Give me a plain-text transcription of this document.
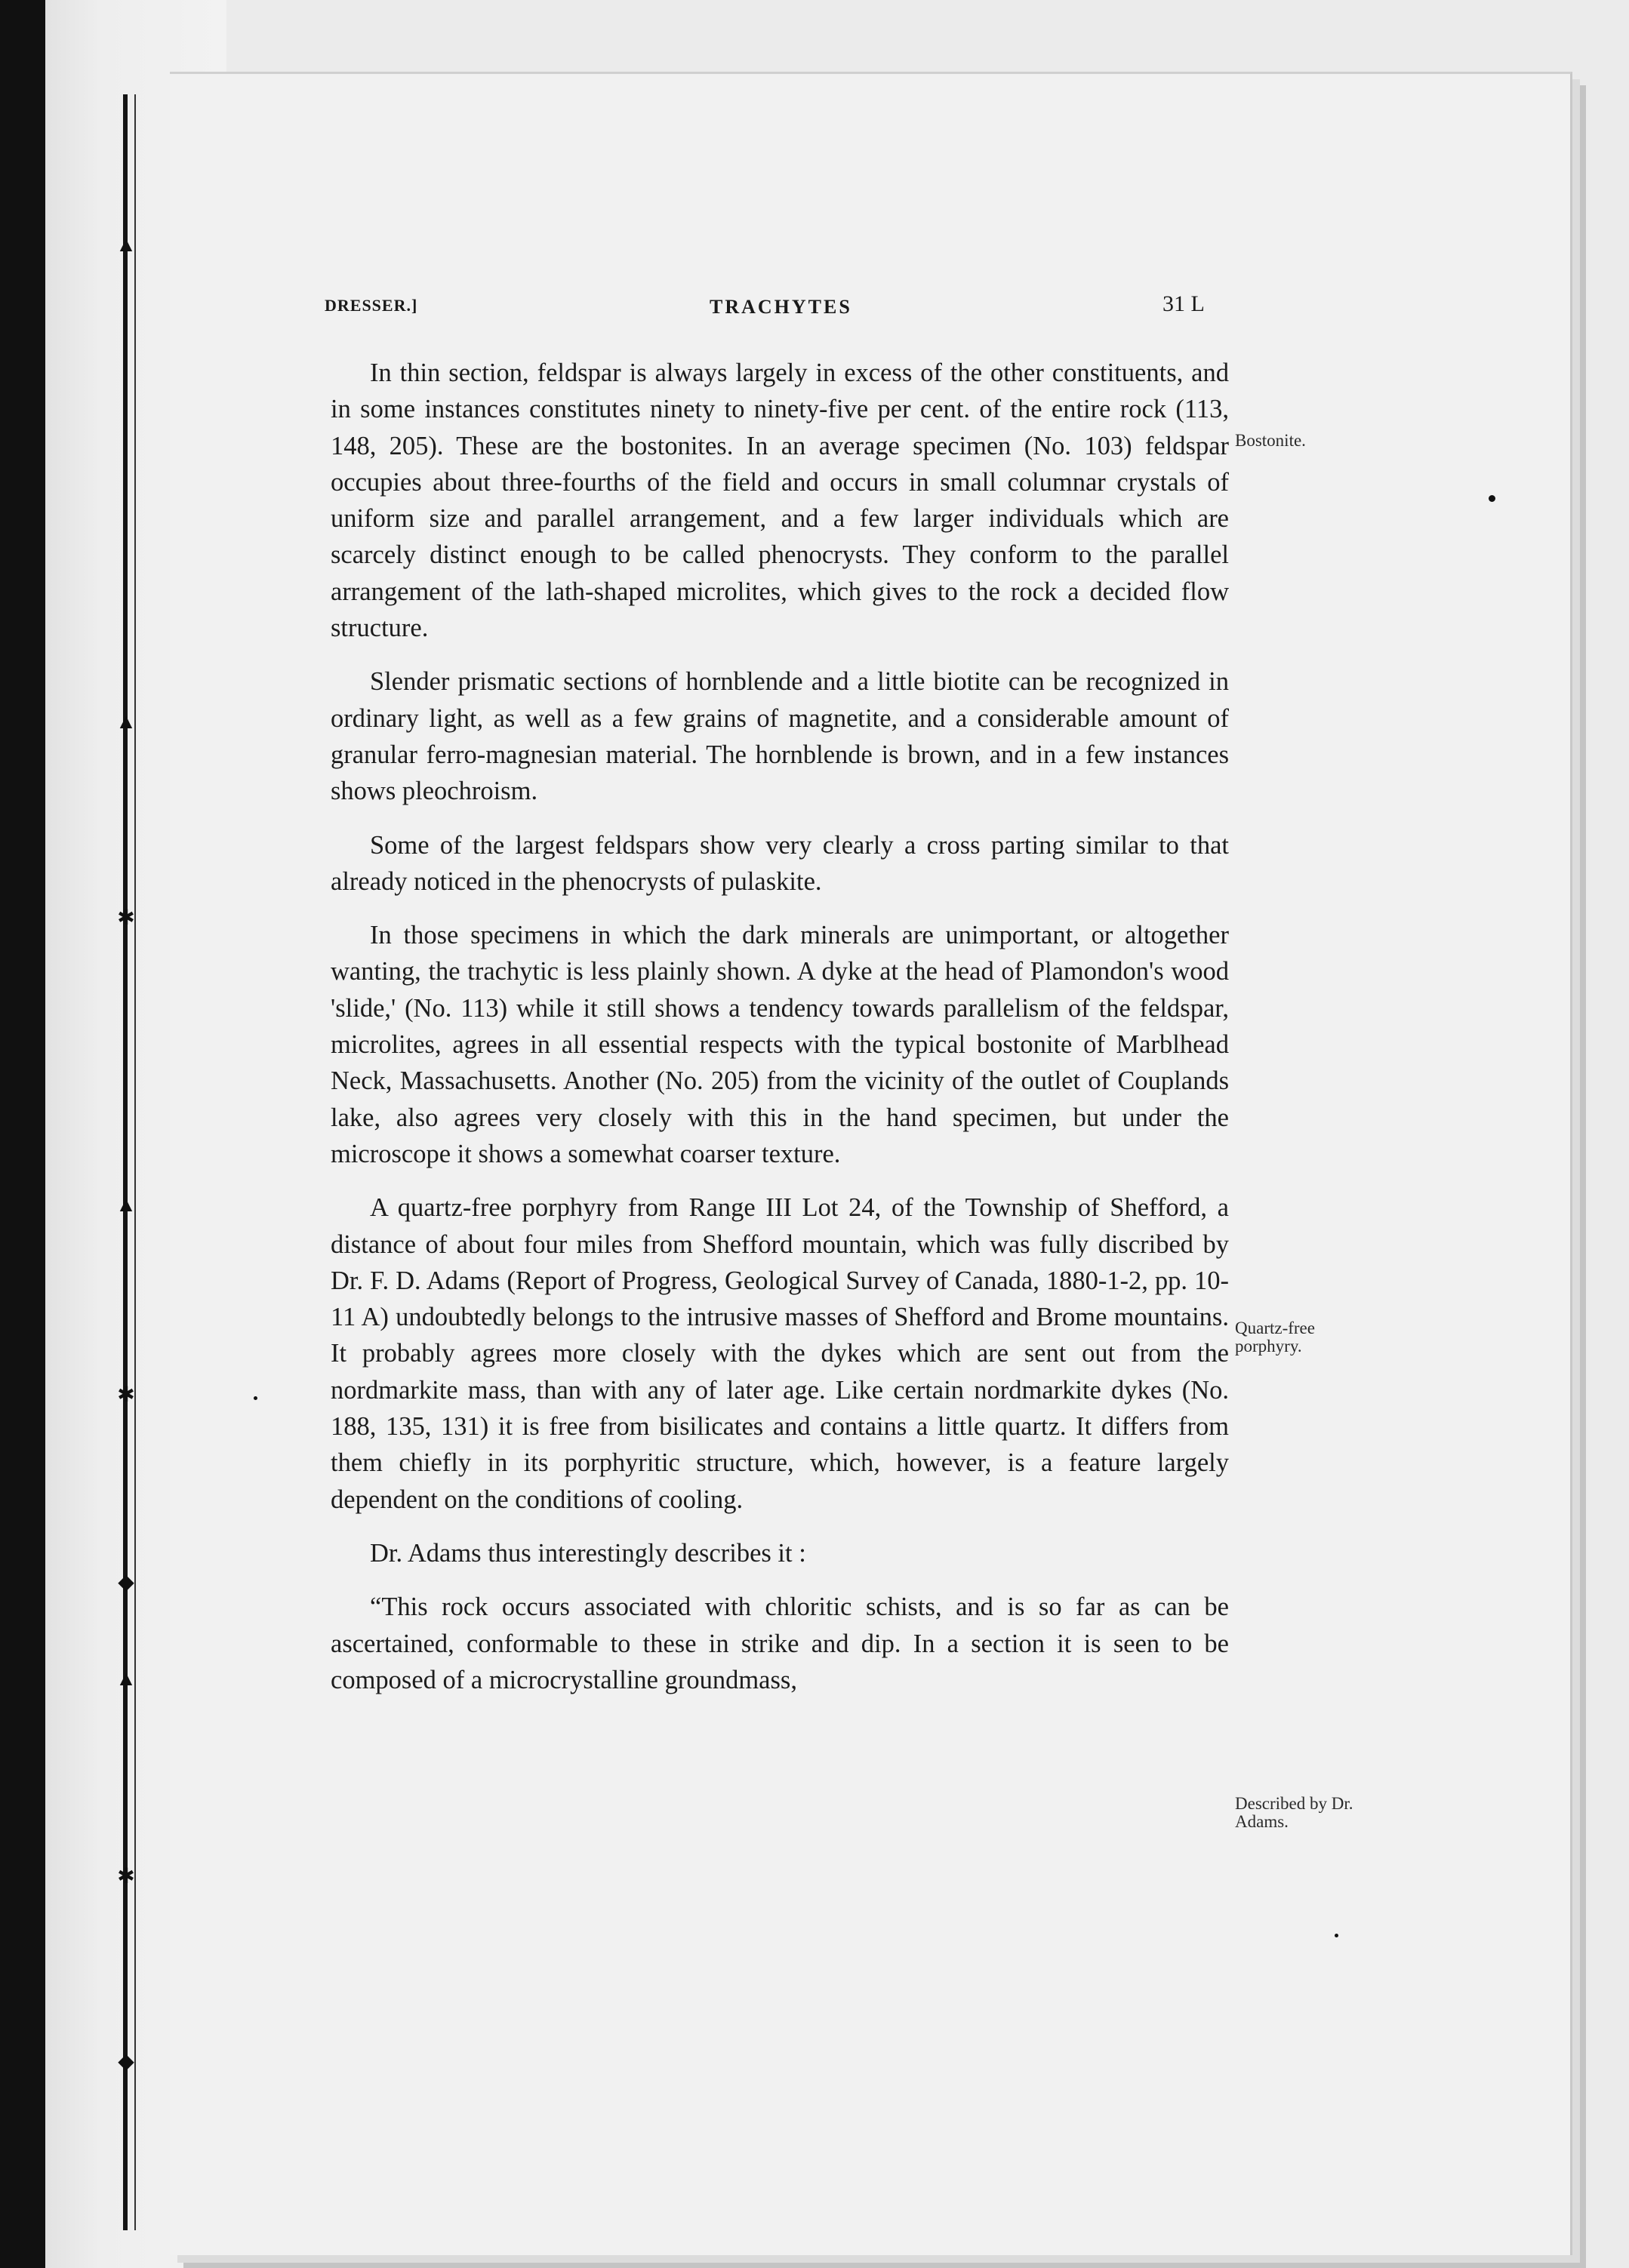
▲
▲
✱
▲
✱
◆
▲
✱
◆
DRESSER.]	TRACHYTES	31 L

In thin section, feldspar is always largely in excess of the other constituents, and in some instances constitutes ninety to ninety-five per cent. of the entire rock (113, 148, 205). These are the bostonites. In an average specimen (No. 103) feldspar occupies about three-fourths of the field and occurs in small columnar crystals of uniform size and parallel arrangement, and a few larger individuals which are scarcely distinct enough to be called phenocrysts. They conform to the parallel arrangement of the lath-shaped microlites, which gives to the rock a decided flow structure.

Slender prismatic sections of hornblende and a little biotite can be recognized in ordinary light, as well as a few grains of magnetite, and a considerable amount of granular ferro-magnesian material. The hornblende is brown, and in a few instances shows pleochroism.

Some of the largest feldspars show very clearly a cross parting similar to that already noticed in the phenocrysts of pulaskite.

In those specimens in which the dark minerals are unimportant, or altogether wanting, the trachytic is less plainly shown. A dyke at the head of Plamondon's wood 'slide,' (No. 113) while it still shows a tendency towards parallelism of the feldspar, microlites, agrees in all essential respects with the typical bostonite of Marblhead Neck, Massachusetts. Another (No. 205) from the vicinity of the outlet of Couplands lake, also agrees very closely with this in the hand specimen, but under the microscope it shows a somewhat coarser texture.

A quartz-free porphyry from Range III Lot 24, of the Township of Shefford, a distance of about four miles from Shefford mountain, which was fully discribed by Dr. F. D. Adams (Report of Progress, Geological Survey of Canada, 1880-1-2, pp. 10-11 A) undoubtedly belongs to the intrusive masses of Shefford and Brome mountains. It probably agrees more closely with the dykes which are sent out from the nordmarkite mass, than with any of later age. Like certain nordmarkite dykes (No. 188, 135, 131) it is free from bisilicates and contains a little quartz. It differs from them chiefly in its porphyritic structure, which, however, is a feature largely dependent on the conditions of cooling.

Dr. Adams thus interestingly describes it :

“This rock occurs associated with chloritic schists, and is so far as can be ascertained, conformable to these in strike and dip. In a section it is seen to be composed of a microcrystalline groundmass,

Bostonite.
Quartz-free porphyry.
Described by Dr. Adams.
